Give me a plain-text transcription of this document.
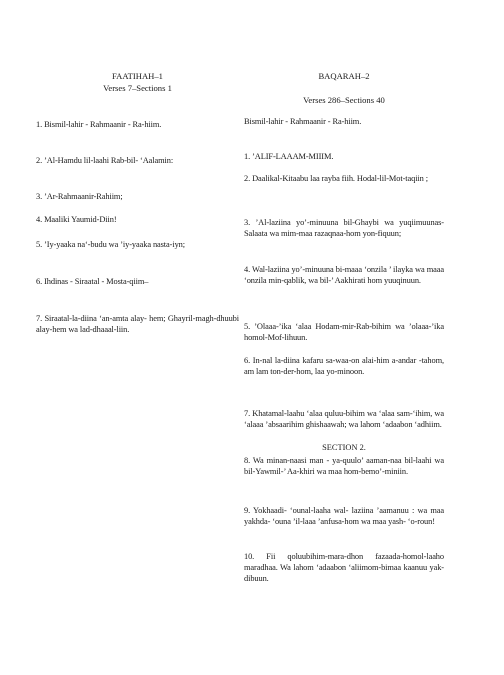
FAATIHAH–1
Verses 7–Sections 1
1. Bismil-lahir - Rahmaanir - Ra-hiim.
2. ’Al-Hamdu lil-laahi Rab-bil- ‘Aalamin:
3. ’Ar-Rahmaanir-Rahiim;
4. Maaliki Yaumid-Diin!
5. ’Iy-yaaka na‘-budu wa ’iy-yaaka nasta-iyn;
6. Ihdinas - Siraatal - Mosta-qiim–
7. Siraatal-la-diina ‘an-amta alay- hem; Ghayril-magh-dhuubi alay-hem wa lad-dhaaal-liin.
BAQARAH–2
Verses 286–Sections 40
Bismil-lahir - Rahmaanir - Ra-hiim.
1. ’ALIF-LAAAM-MIIIM.
2. Daalikal-Kitaabu laa rayba fiih. Hodal-lil-Mot-taqiin ;
3. ’Al-laziina yo’-minuuna bil-Ghaybi wa yuqiimuunas-Salaata wa mim-maa razaqnaa-hom yon-fiquun;
4. Wal-laziina yo’-minuuna bi-maaa ‘onzila ’ ilayka wa maaa ‘onzila min-qablik, wa bil-’ Aakhirati hom yuuqinuun.
5. ’Olaaa-’ika ‘alaa Hodam-mir-Rab-bihim wa ’olaaa-’ika homol-Mof-lihuun.
6. In-nal la-diina kafaru sa-waa-on alai-him a-andar -tahom, am lam ton-der-hom, laa yo-minoon.
7. Khatamal-laahu ‘alaa quluu-bihim wa ‘alaa sam-‘ihim, wa ‘alaaa ’absaarihim ghishaawah; wa lahom ‘adaabon ‘adhiim.
SECTION 2.
8. Wa minan-naasi man - ya-quulo’ aaman-naa bil-laahi wa bil-Yawmil-’ Aa-khiri wa maa hom-bemo’-miniin.
9. Yokhaadi- ‘ounal-laaha wal- laziina ’aamanuu : wa maa yakhda- ‘ouna ’il-laaa ’anfusa-hom wa maa yash- ‘o-roun!
10. Fii qoluubihim-mara-dhon fazaada-homol-laaho maradhaa. Wa lahom ‘adaabon ‘aliimom-bimaa kaanuu yak-dibuun.
